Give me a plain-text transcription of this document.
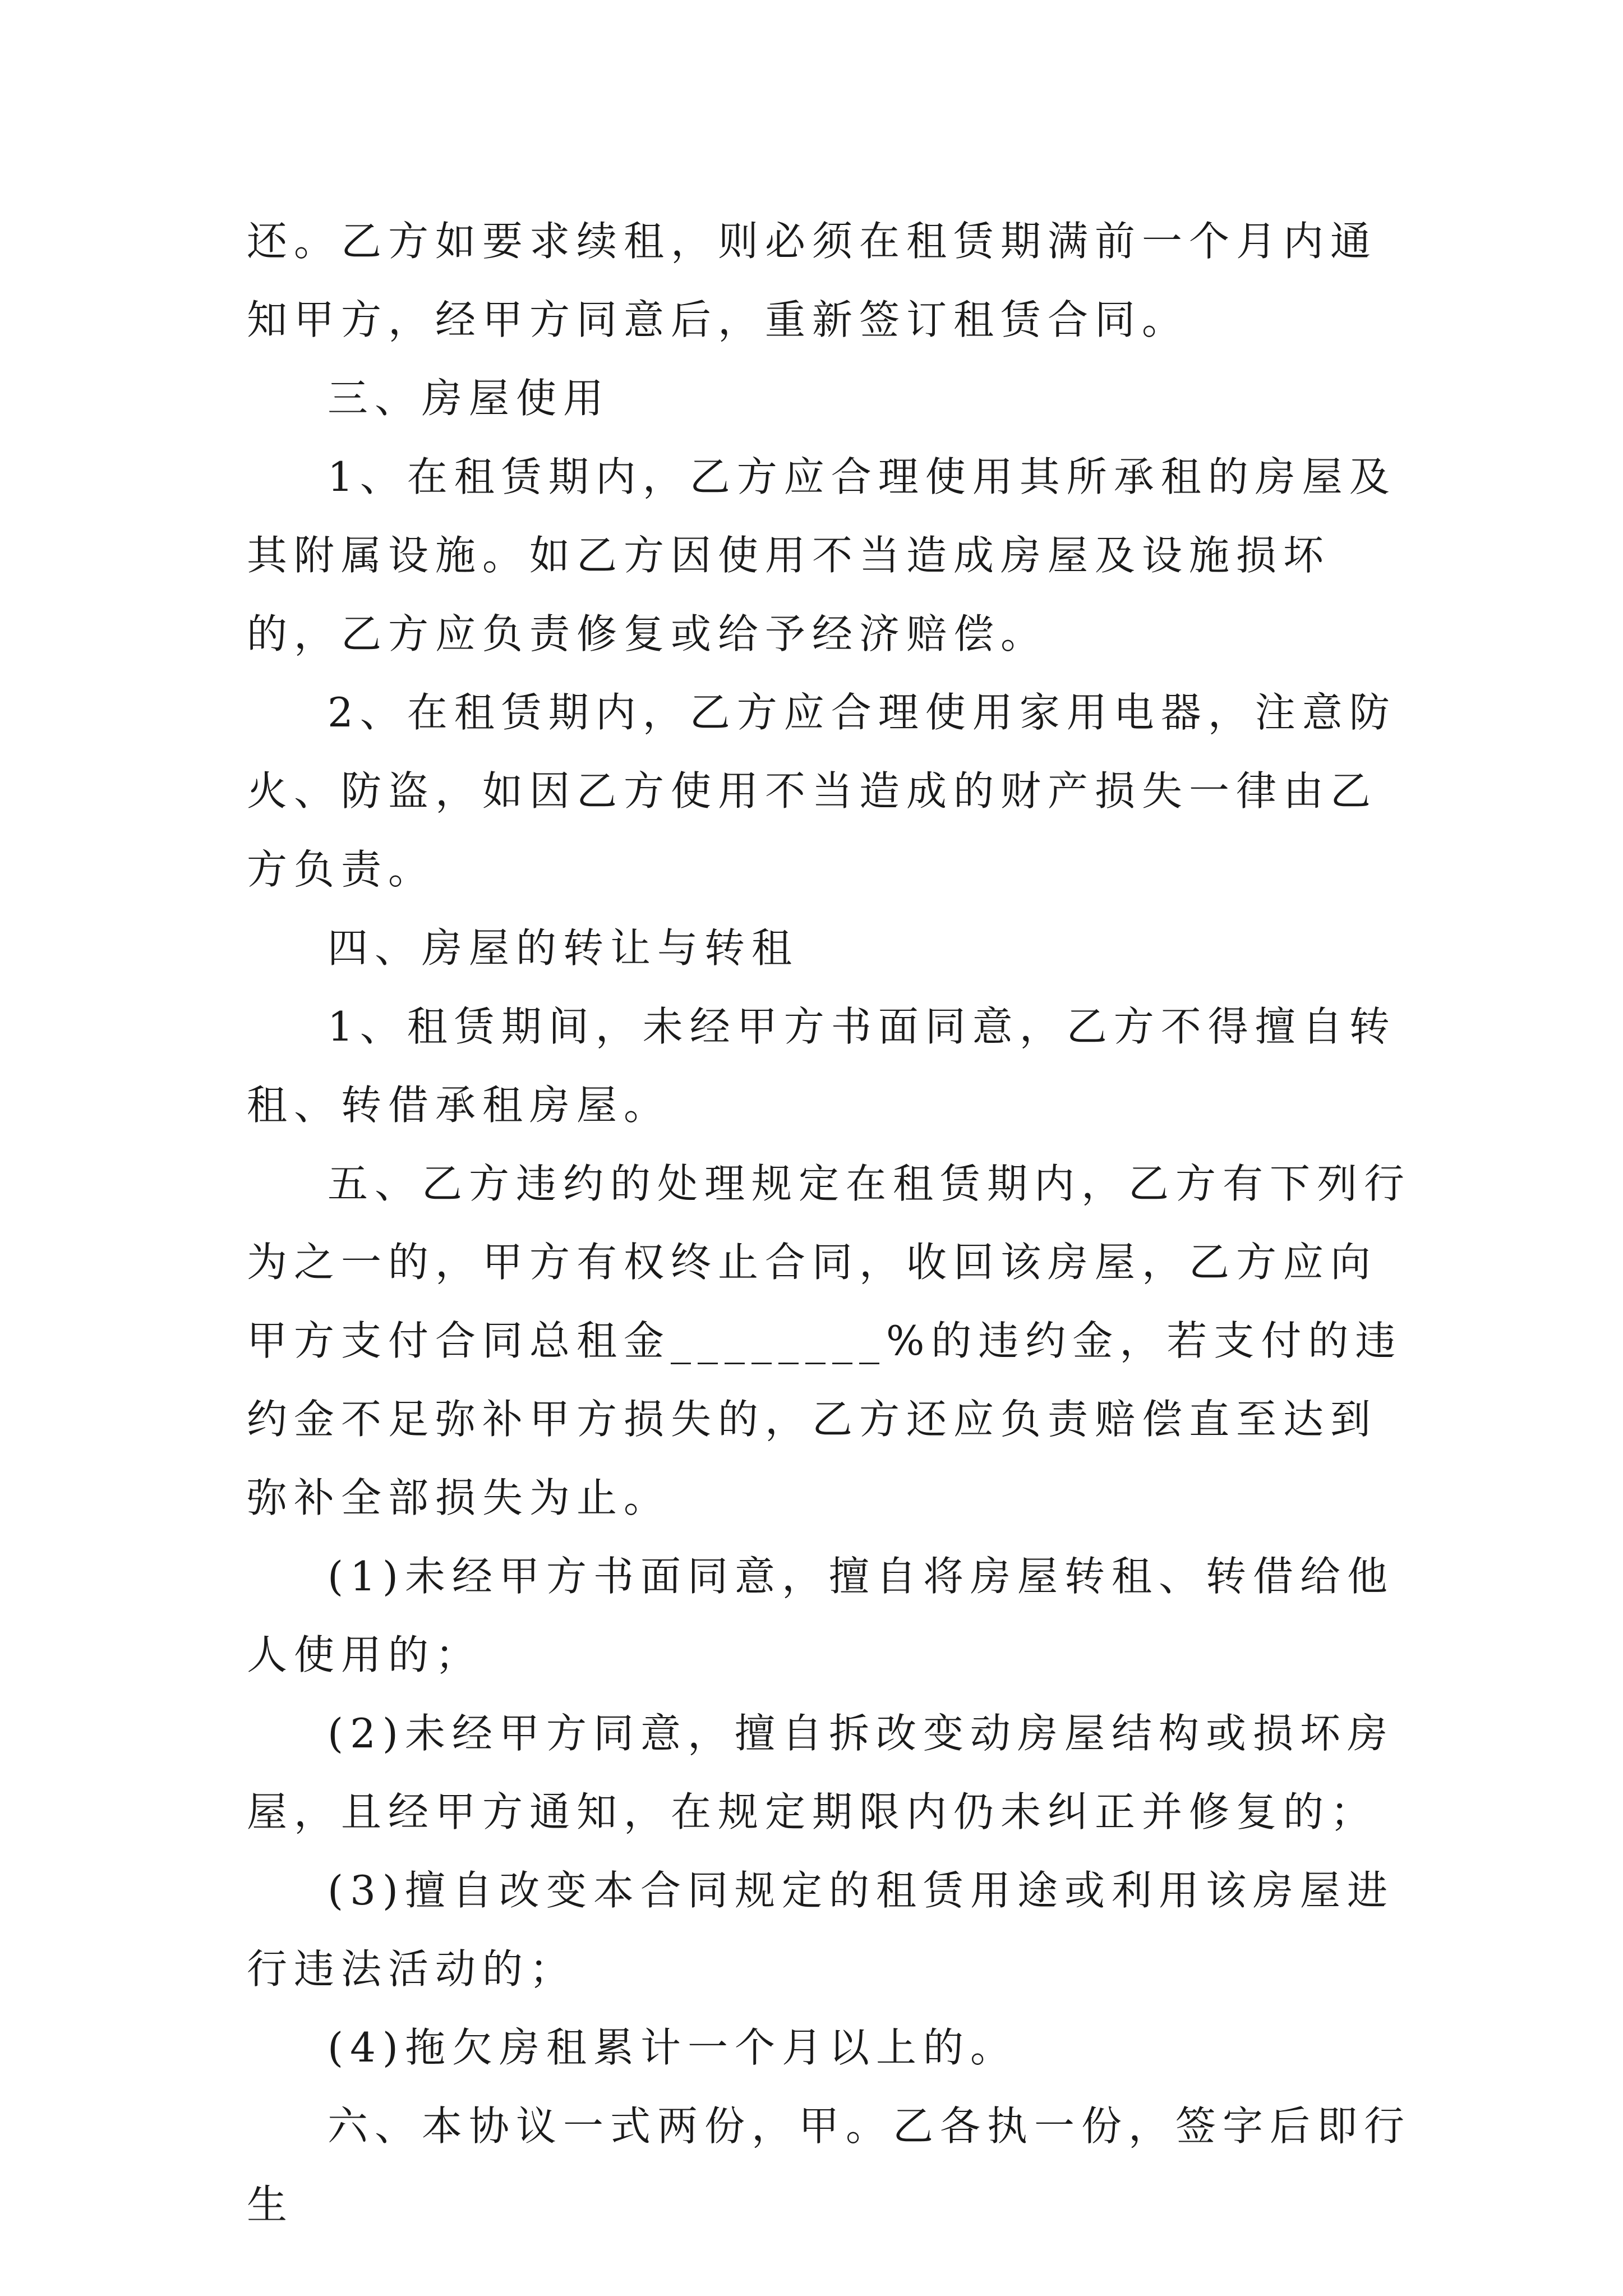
还。乙方如要求续租，则必须在租赁期满前一个月内通知甲方，经甲方同意后，重新签订租赁合同。

三、房屋使用

1、在租赁期内，乙方应合理使用其所承租的房屋及其附属设施。如乙方因使用不当造成房屋及设施损坏的，乙方应负责修复或给予经济赔偿。

2、在租赁期内，乙方应合理使用家用电器，注意防火、防盗，如因乙方使用不当造成的财产损失一律由乙方负责。

四、房屋的转让与转租

1、租赁期间，未经甲方书面同意，乙方不得擅自转租、转借承租房屋。

五、乙方违约的处理规定在租赁期内，乙方有下列行为之一的，甲方有权终止合同，收回该房屋，乙方应向甲方支付合同总租金________%的违约金，若支付的违约金不足弥补甲方损失的，乙方还应负责赔偿直至达到弥补全部损失为止。

(1)未经甲方书面同意，擅自将房屋转租、转借给他人使用的；

(2)未经甲方同意，擅自拆改变动房屋结构或损坏房屋，且经甲方通知，在规定期限内仍未纠正并修复的；

(3)擅自改变本合同规定的租赁用途或利用该房屋进行违法活动的；

(4)拖欠房租累计一个月以上的。

六、本协议一式两份，甲。乙各执一份，签字后即行生
